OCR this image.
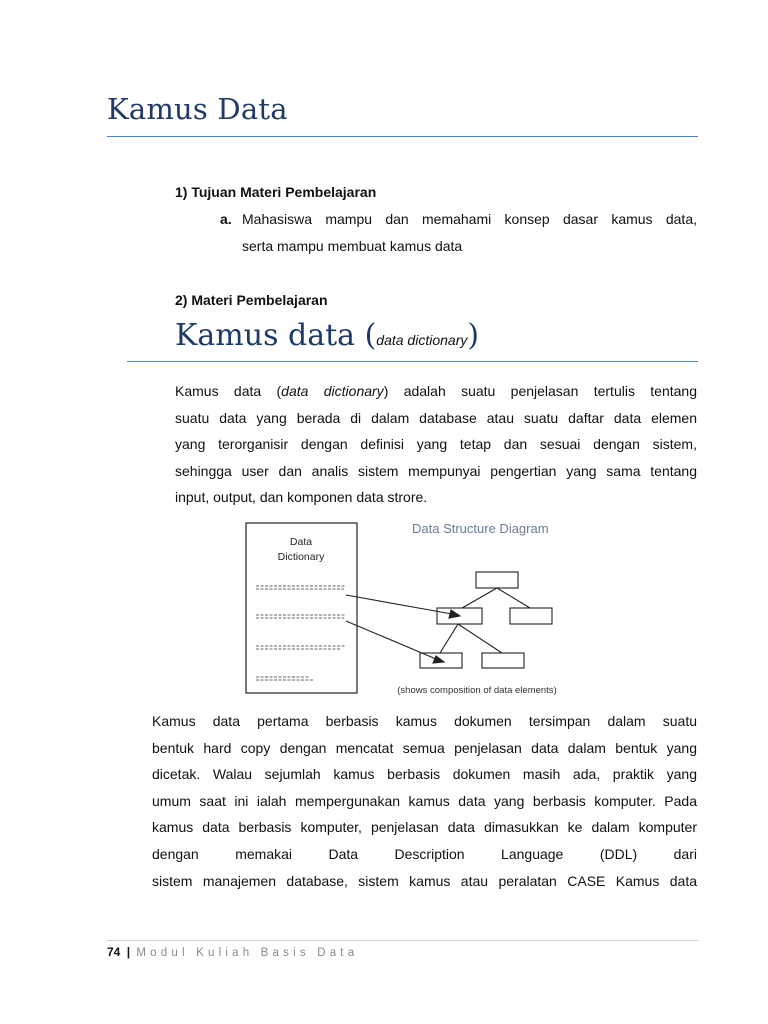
Kamus Data
1) Tujuan Materi Pembelajaran
a. Mahasiswa mampu dan memahami konsep dasar kamus data,

serta mampu membuat kamus data

2) Materi Pembelajaran
Kamus data (data dictionary)
Kamus data (data dictionary) adalah suatu penjelasan tertulis tentang
suatu data yang berada di dalam database atau suatu daftar data elemen
yang terorganisir dengan definisi yang tetap dan sesuai dengan sistem,
sehingga user dan analis sistem mempunyai pengertian yang sama tentang
input, output, dan komponen data strore.
Data
Dictionary
Data Structure Diagram
(shows composition of data elements)
Kamus data pertama berbasis kamus dokumen tersimpan dalam suatu
bentuk hard copy dengan mencatat semua penjelasan data dalam bentuk yang
dicetak. Walau sejumlah kamus berbasis dokumen masih ada, praktik yang
umum saat ini ialah mempergunakan kamus data yang berbasis komputer. Pada
kamus data berbasis komputer, penjelasan data dimasukkan ke dalam komputer
dengan memakai Data Description Language (DDL) dari
sistem manajemen database, sistem kamus atau peralatan CASE Kamus data
74 | Modul Kuliah Basis Data
